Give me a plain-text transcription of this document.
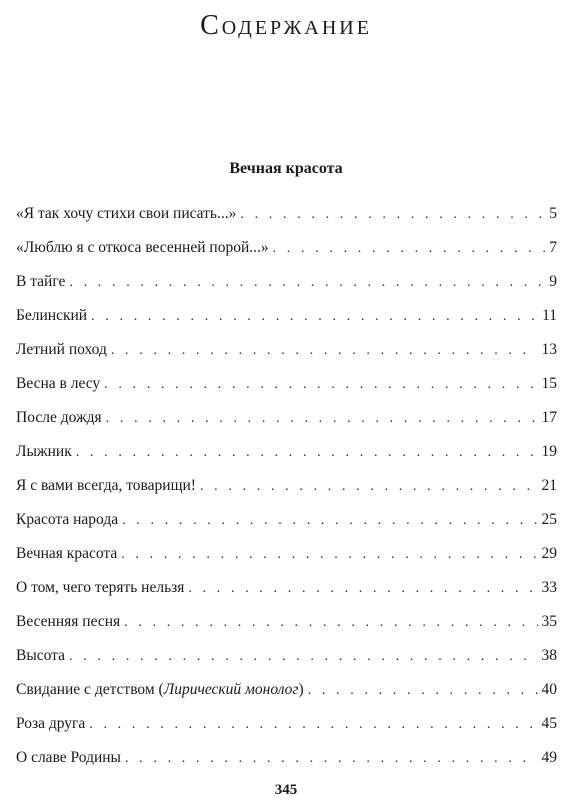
Содержание
Вечная красота
«Я так хочу стихи свои писать...» . . .	5
«Люблю я с откоса весенней порой...» . . .	7
В тайге . . .	9
Белинский . . .	11
Летний поход . . .	13
Весна в лесу . . .	15
После дождя . . .	17
Лыжник . . .	19
Я с вами всегда, товарищи! . . .	21
Красота народа . . .	25
Вечная красота . . .	29
О том, чего терять нельзя . . .	33
Весенняя песня . . .	35
Высота . . .	38
Свидание с детством (Лирический монолог) . . .	40
Роза друга . . .	45
О славе Родины . . .	49
345
